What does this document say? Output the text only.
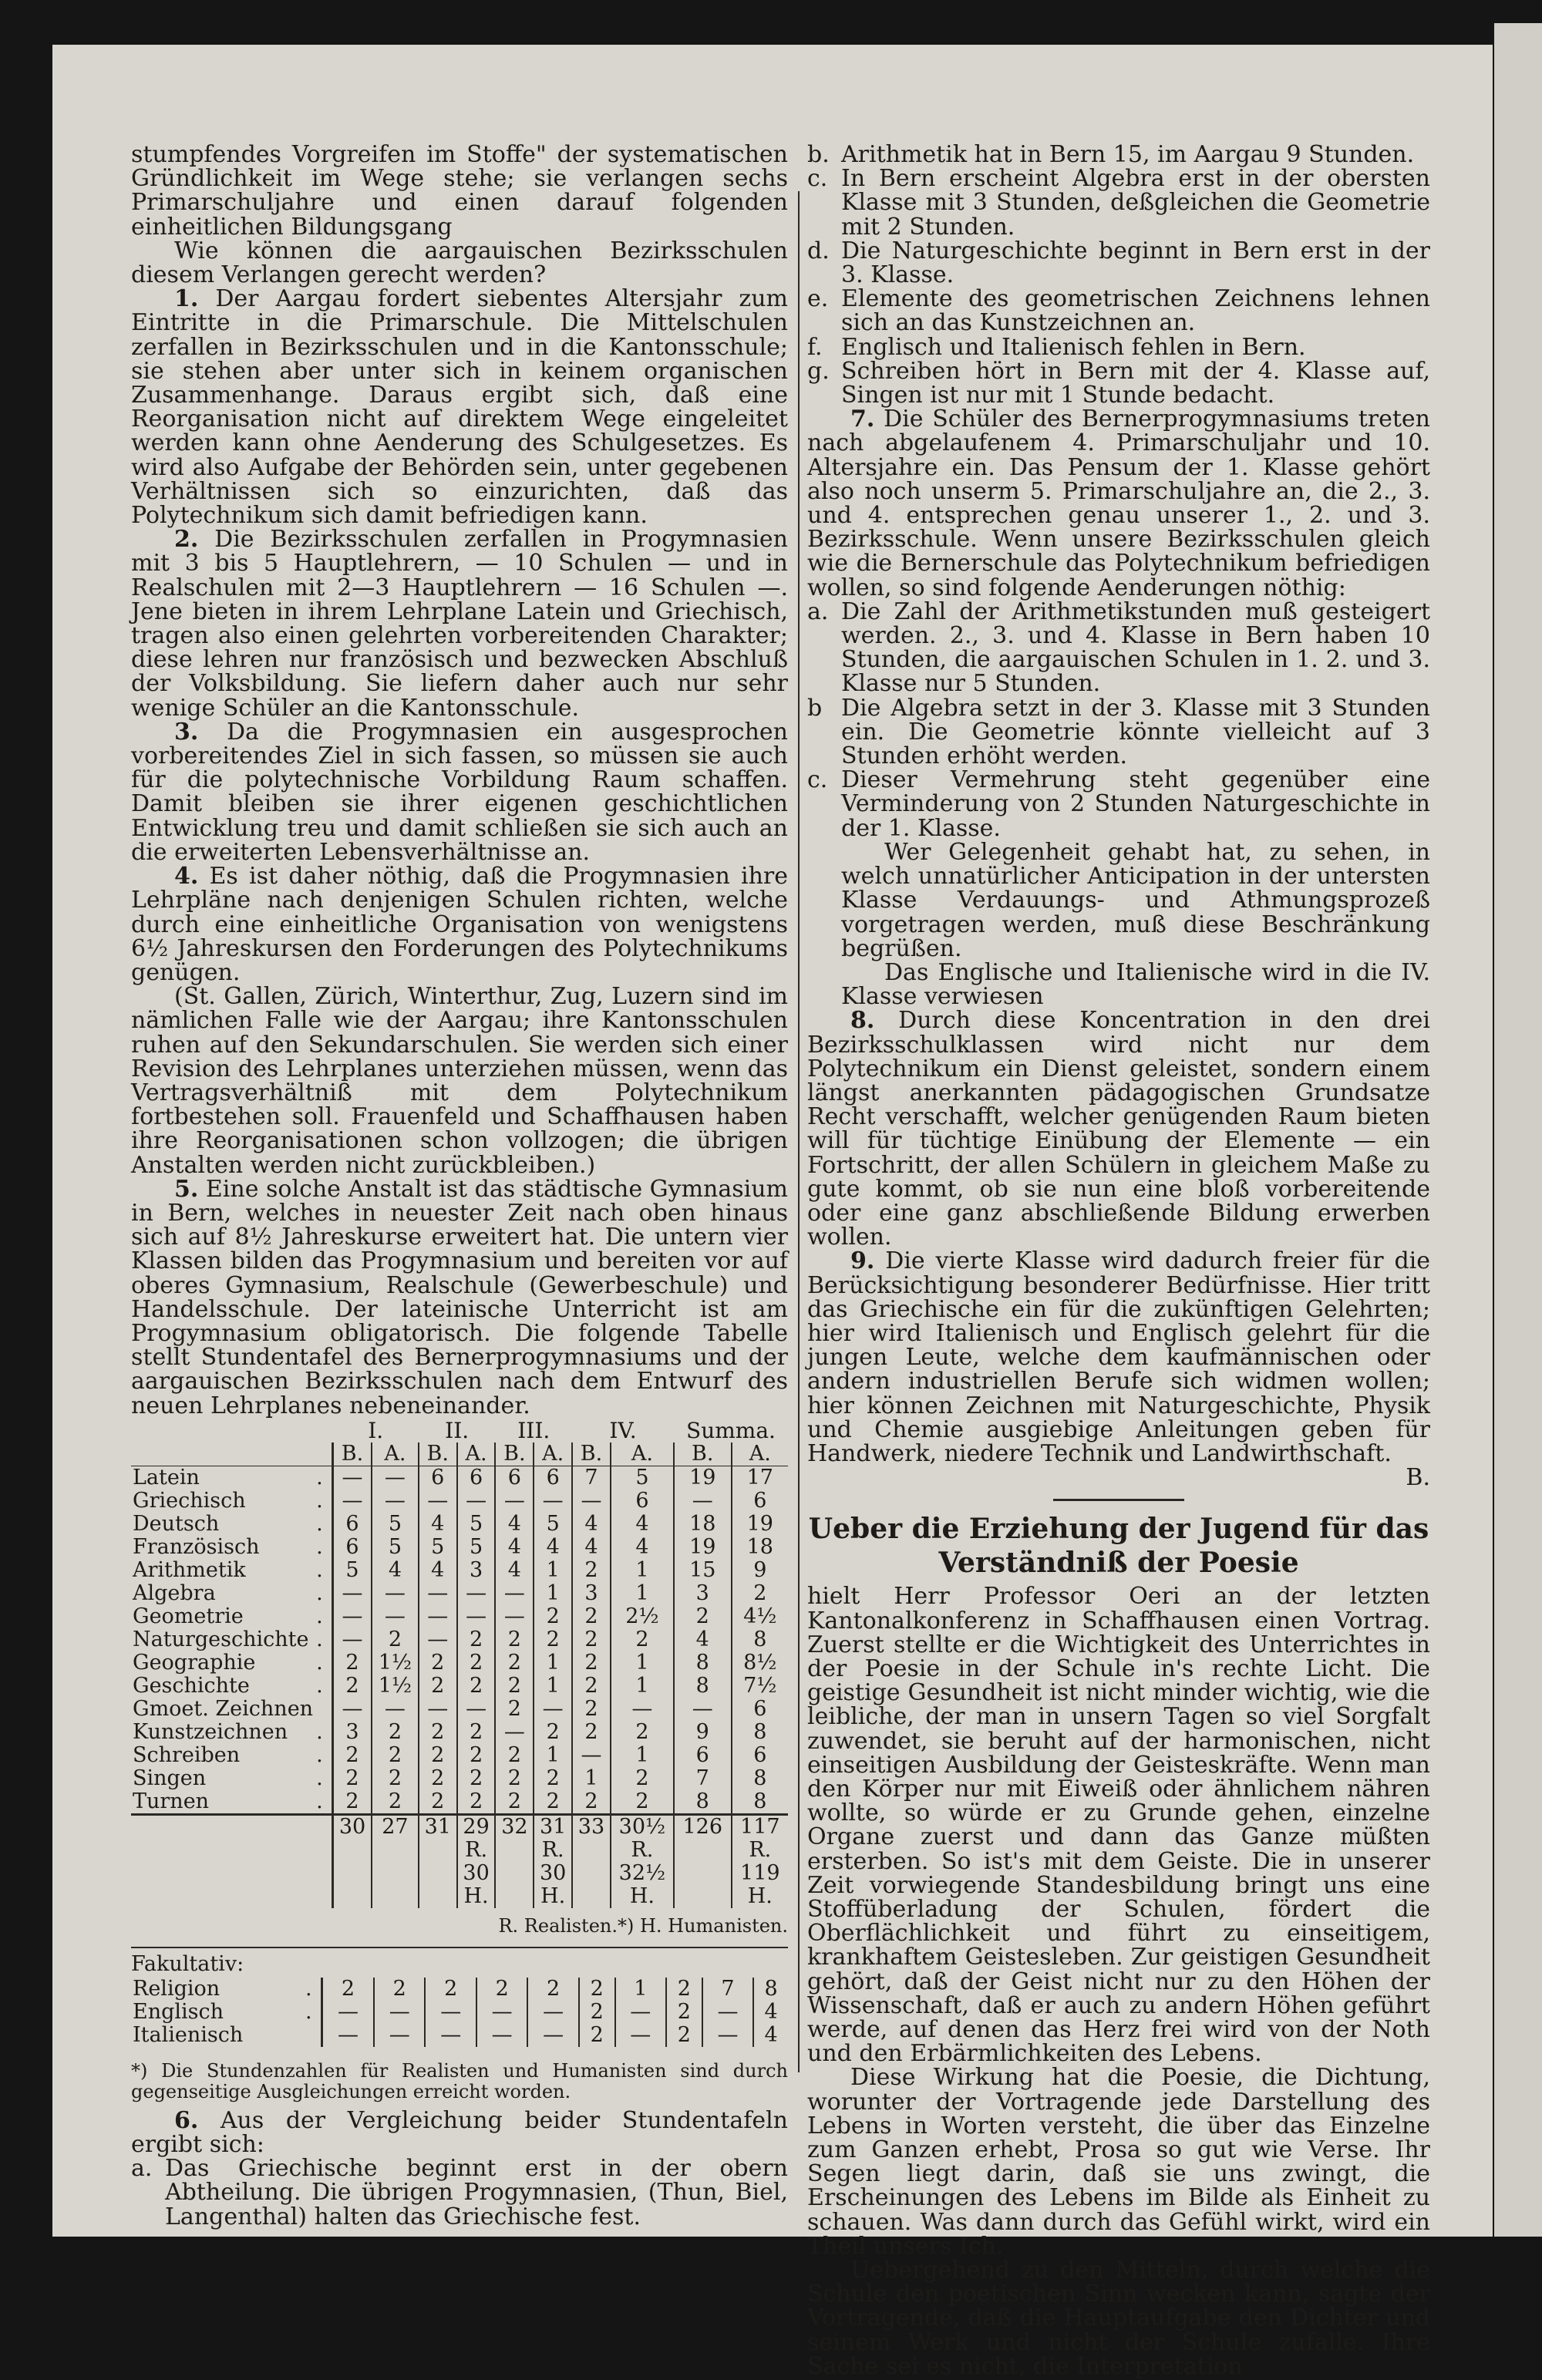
stumpfendes Vorgreifen im Stoffe" der systematischen Gründlichkeit im Wege stehe; sie verlangen sechs Primarschuljahre und einen darauf folgenden einheitlichen Bildungsgang

Wie können die aargauischen Bezirksschulen diesem Verlangen gerecht werden?

1. Der Aargau fordert siebentes Altersjahr zum Eintritte in die Primarschule. Die Mittelschulen zerfallen in Bezirksschulen und in die Kantonsschule; sie stehen aber unter sich in keinem organischen Zusammenhange. Daraus ergibt sich, daß eine Reorganisation nicht auf direktem Wege eingeleitet werden kann ohne Aenderung des Schulgesetzes. Es wird also Aufgabe der Behörden sein, unter gegebenen Verhältnissen sich so einzurichten, daß das Polytechnikum sich damit befriedigen kann.

2. Die Bezirksschulen zerfallen in Progymnasien mit 3 bis 5 Hauptlehrern, — 10 Schulen — und in Realschulen mit 2—3 Hauptlehrern — 16 Schulen —. Jene bieten in ihrem Lehrplane Latein und Griechisch, tragen also einen gelehrten vorbereitenden Charakter; diese lehren nur französisch und bezwecken Abschluß der Volksbildung. Sie liefern daher auch nur sehr wenige Schüler an die Kantonsschule.

3. Da die Progymnasien ein ausgesprochen vorbereitendes Ziel in sich fassen, so müssen sie auch für die polytechnische Vorbildung Raum schaffen. Damit bleiben sie ihrer eigenen geschichtlichen Entwicklung treu und damit schließen sie sich auch an die erweiterten Lebensverhältnisse an.

4. Es ist daher nöthig, daß die Progymnasien ihre Lehrpläne nach denjenigen Schulen richten, welche durch eine einheitliche Organisation von wenigstens 6½ Jahreskursen den Forderungen des Polytechnikums genügen.

(St. Gallen, Zürich, Winterthur, Zug, Luzern sind im nämlichen Falle wie der Aargau; ihre Kantonsschulen ruhen auf den Sekundarschulen. Sie werden sich einer Revision des Lehrplanes unterziehen müssen, wenn das Vertragsverhältniß mit dem Polytechnikum fortbestehen soll. Frauenfeld und Schaffhausen haben ihre Reorganisationen schon vollzogen; die übrigen Anstalten werden nicht zurückbleiben.)

5. Eine solche Anstalt ist das städtische Gymnasium in Bern, welches in neuester Zeit nach oben hinaus sich auf 8½ Jahreskurse erweitert hat. Die untern vier Klassen bilden das Progymnasium und bereiten vor auf oberes Gymnasium, Realschule (Gewerbeschule) und Handelsschule. Der lateinische Unterricht ist am Progymnasium obligatorisch. Die folgende Tabelle stellt Stundentafel des Bernerprogymnasiums und der aargauischen Bezirksschulen nach dem Entwurf des neuen Lehrplanes nebeneinander.

		I.		II.		III.		IV.		Summa.	
		B.	A.	B.	A.	B.	A.	B.	A.	B.	A.
Latein	.	—	—	6	6	6	6	7	5	19	17
Griechisch	.	—	—	—	—	—	—	—	6	—	6
Deutsch	.	6	5	4	5	4	5	4	4	18	19
Französisch	.	6	5	5	5	4	4	4	4	19	18
Arithmetik	.	5	4	4	3	4	1	2	1	15	9
Algebra	.	—	—	—	—	—	1	3	1	3	2
Geometrie	.	—	—	—	—	—	2	2	2½	2	4½
Naturgeschichte	.	—	2	—	2	2	2	2	2	4	8
Geographie	.	2	1½	2	2	2	1	2	1	8	8½
Geschichte	.	2	1½	2	2	2	1	2	1	8	7½
Gmoet. Zeichnen		—	—	—	—	2	—	2	—	—	6
Kunstzeichnen	.	3	2	2	2	—	2	2	2	9	8
Schreiben	.	2	2	2	2	2	1	—	1	6	6
Singen	.	2	2	2	2	2	2	1	2	7	8
Turnen	.	2	2	2	2	2	2	2	2	8	8
		30	27	31	29	32	31	33	30½	126	117
					R.		R.		R.		R.
					30		30		32½		119
					H.		H.		H.		H.
R. Realisten.*) H. Humanisten.
Fakultativ:
Religion	.	2	2	2	2	2	2	1	2	7	8
Englisch	.	—	—	—	—	—	2	—	2	—	4
Italienisch		—	—	—	—	—	2	—	2	—	4

*) Die Stundenzahlen für Realisten und Humanisten sind durch gegenseitige Ausgleichungen erreicht worden.

6. Aus der Vergleichung beider Stundentafeln ergibt sich:

a. Das Griechische beginnt erst in der obern Abtheilung. Die übrigen Progymnasien, (Thun, Biel, Langenthal) halten das Griechische fest.
b. Arithmetik hat in Bern 15, im Aargau 9 Stunden.
c. In Bern erscheint Algebra erst in der obersten Klasse mit 3 Stunden, deßgleichen die Geometrie mit 2 Stunden.
d. Die Naturgeschichte beginnt in Bern erst in der 3. Klasse.
e. Elemente des geometrischen Zeichnens lehnen sich an das Kunstzeichnen an.
f. Englisch und Italienisch fehlen in Bern.
g. Schreiben hört in Bern mit der 4. Klasse auf, Singen ist nur mit 1 Stunde bedacht.

7. Die Schüler des Bernerprogymnasiums treten nach abgelaufenem 4. Primarschuljahr und 10. Altersjahre ein. Das Pensum der 1. Klasse gehört also noch unserm 5. Primarschuljahre an, die 2., 3. und 4. entsprechen genau unserer 1., 2. und 3. Bezirksschule. Wenn unsere Bezirksschulen gleich wie die Bernerschule das Polytechnikum befriedigen wollen, so sind folgende Aenderungen nöthig:

a. Die Zahl der Arithmetikstunden muß gesteigert werden. 2., 3. und 4. Klasse in Bern haben 10 Stunden, die aargauischen Schulen in 1. 2. und 3. Klasse nur 5 Stunden.
b Die Algebra setzt in der 3. Klasse mit 3 Stunden ein. Die Geometrie könnte vielleicht auf 3 Stunden erhöht werden.
c. Dieser Vermehrung steht gegenüber eine Verminderung von 2 Stunden Naturgeschichte in der 1. Klasse.

Wer Gelegenheit gehabt hat, zu sehen, in welch unnatürlicher Anticipation in der untersten Klasse Verdauungs- und Athmungsprozeß vorgetragen werden, muß diese Beschränkung begrüßen.

Das Englische und Italienische wird in die IV. Klasse verwiesen

8. Durch diese Koncentration in den drei Bezirksschulklassen wird nicht nur dem Polytechnikum ein Dienst geleistet, sondern einem längst anerkannten pädagogischen Grundsatze Recht verschafft, welcher genügenden Raum bieten will für tüchtige Einübung der Elemente — ein Fortschritt, der allen Schülern in gleichem Maße zu gute kommt, ob sie nun eine bloß vorbereitende oder eine ganz abschließende Bildung erwerben wollen.

9. Die vierte Klasse wird dadurch freier für die Berücksichtigung besonderer Bedürfnisse. Hier tritt das Griechische ein für die zukünftigen Gelehrten; hier wird Italienisch und Englisch gelehrt für die jungen Leute, welche dem kaufmännischen oder andern industriellen Berufe sich widmen wollen; hier können Zeichnen mit Naturgeschichte, Physik und Chemie ausgiebige Anleitungen geben für Handwerk, niedere Technik und Landwirthschaft.

B.

Ueber die Erziehung der Jugend für das Verständniß der Poesie

hielt Herr Professor Oeri an der letzten Kantonalkonferenz in Schaffhausen einen Vortrag. Zuerst stellte er die Wichtigkeit des Unterrichtes in der Poesie in der Schule in's rechte Licht. Die geistige Gesundheit ist nicht minder wichtig, wie die leibliche, der man in unsern Tagen so viel Sorgfalt zuwendet, sie beruht auf der harmonischen, nicht einseitigen Ausbildung der Geisteskräfte. Wenn man den Körper nur mit Eiweiß oder ähnlichem nähren wollte, so würde er zu Grunde gehen, einzelne Organe zuerst und dann das Ganze müßten ersterben. So ist's mit dem Geiste. Die in unserer Zeit vorwiegende Standesbildung bringt uns eine Stoffüberladung der Schulen, fördert die Oberflächlichkeit und führt zu einseitigem, krankhaftem Geistesleben. Zur geistigen Gesundheit gehört, daß der Geist nicht nur zu den Höhen der Wissenschaft, daß er auch zu andern Höhen geführt werde, auf denen das Herz frei wird von der Noth und den Erbärmlichkeiten des Lebens.

Diese Wirkung hat die Poesie, die Dichtung, worunter der Vortragende jede Darstellung des Lebens in Worten versteht, die über das Einzelne zum Ganzen erhebt, Prosa so gut wie Verse. Ihr Segen liegt darin, daß sie uns zwingt, die Erscheinungen des Lebens im Bilde als Einheit zu schauen. Was dann durch das Gefühl wirkt, wird ein Theil unsers Ich.

Uebergehend zu den Mitteln, durch welche die Schule den poetischen Sinn wecken kann, sagte der Vortragende, daß die Hauptaufgabe den Dichter und seinem Werk und nicht der Schule zufalle. Ihre Sache sei es nicht, die Interpretation
